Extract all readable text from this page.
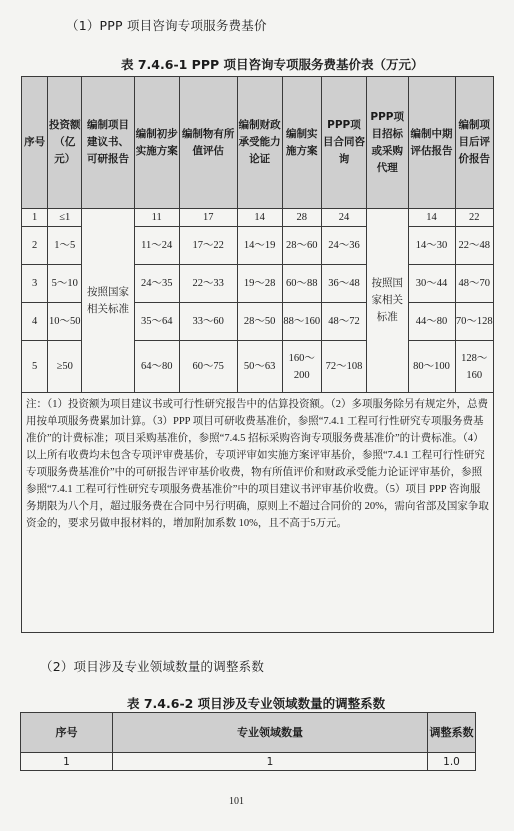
（1）PPP 项目咨询专项服务费基价
表 7.4.6-1 PPP 项目咨询专项服务费基价表（万元）
序号	投资额（亿元）	编制项目建议书、可研报告	编制初步实施方案	编制物有所值评估	编制财政承受能力论证	编制实施方案	PPP项目合同咨询	PPP项目招标或采购代理	编制中期评估报告	编制项目后评价报告
1	≤1	按照国家相关标准	11	17	14	28	24	按照国家相关标准	14	22
2	1～5		11～24	17～22	14～19	28～60	24～36		14～30	22～48
3	5～10		24～35	22～33	19～28	60～88	36～48		30～44	48～70
4	10～50		35～64	33～60	28～50	88～160	48～72		44～80	70～128
5	≥50		64～80	60～75	50～63	160～200	72～108		80～100	128～160
注：（1）投资额为项目建议书或可行性研究报告中的估算投资额。（2）多项服务除另有规定外，总费用按单项服务费累加计算。（3）PPP 项目可研收费基准价，参照“7.4.1 工程可行性研究专项服务费基准价”的计费标准；项目采购基准价，参照“7.4.5 招标采购咨询专项服务费基准价”的计费标准。（4）以上所有收费均未包含专项评审费基价，专项评审如实施方案评审基价，参照“7.4.1 工程可行性研究专项服务费基准价”中的可研报告评审基价收费，物有所值评价和财政承受能力论证评审基价，参照参照“7.4.1 工程可行性研究专项服务费基准价”中的项目建议书评审基价收费。（5）项目 PPP 咨询服务期限为八个月，超过服务费在合同中另行明确，原则上不超过合同价的 20%，需向省部及国家争取资金的，要求另做申报材料的，增加附加系数 10%，且不高于5万元。										
（2）项目涉及专业领域数量的调整系数
表 7.4.6-2 项目涉及专业领域数量的调整系数
序号	专业领域数量	调整系数
1	1	1.0
101
